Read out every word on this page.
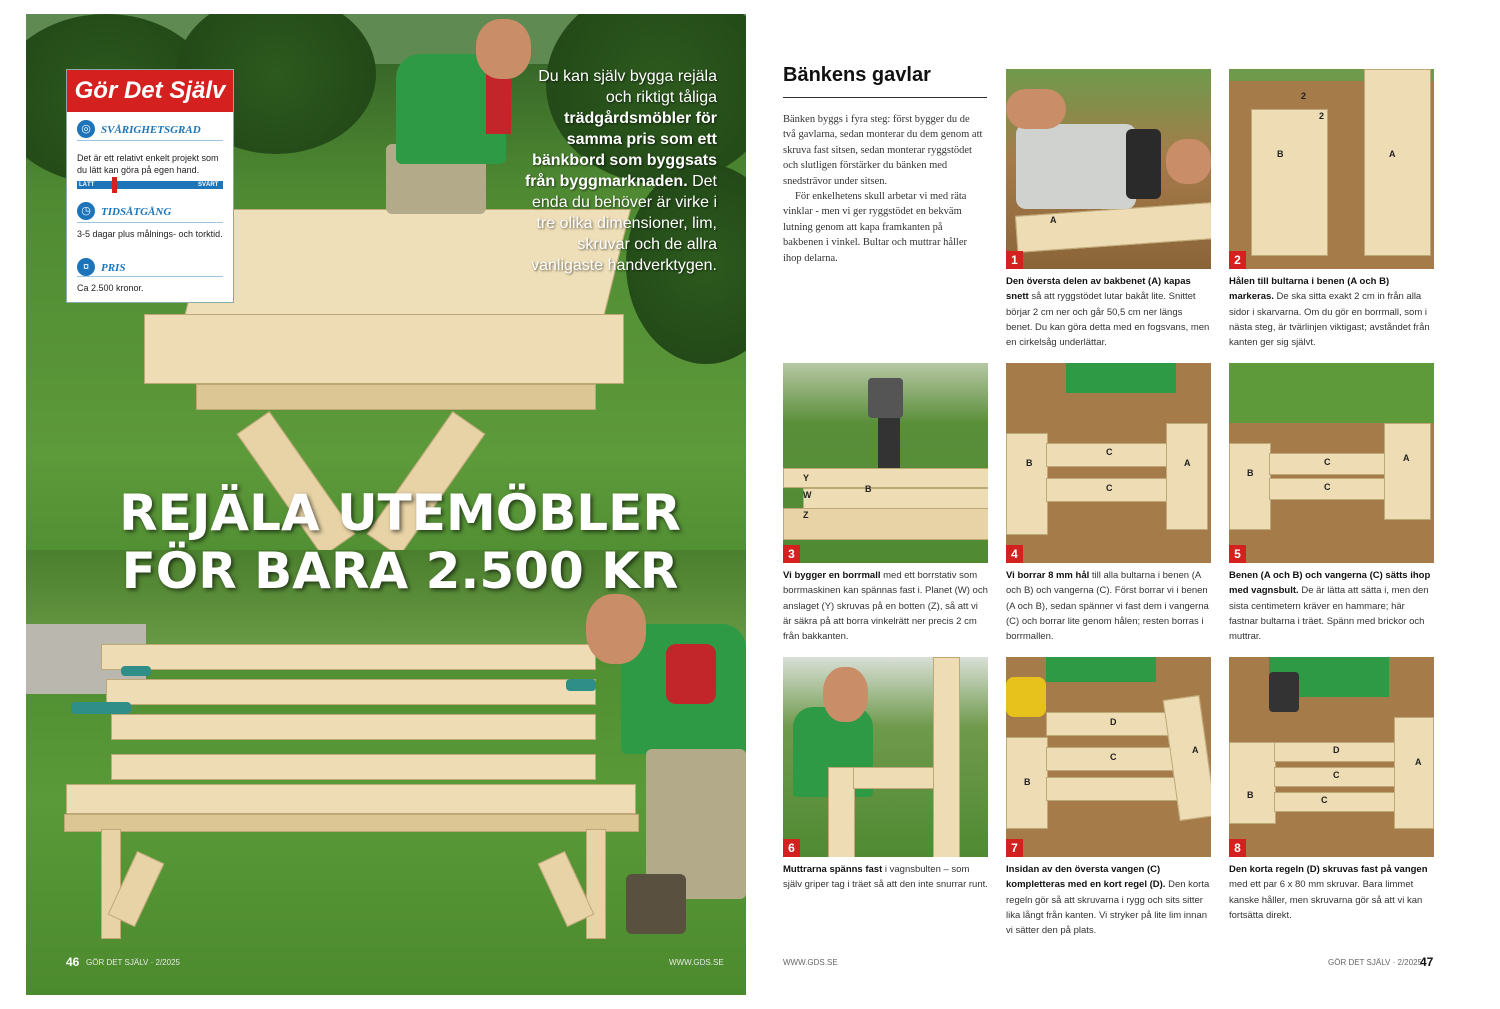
Gör Det Själv
◎ SVÅRIGHETSGRAD
Det är ett relativt enkelt projekt som du lätt kan göra på egen hand.
LÄTT	SVÅRT
◷ TIDSÅTGÅNG
3-5 dagar plus målnings- och torktid.
¤	PRIS
Ca 2.500 kronor.
Du kan själv bygga rejäla och riktigt tåliga trädgårdsmöbler för samma pris som ett bänkbord som byggsats från byggmarknaden. Det enda du behöver är virke i tre olika dimensioner, lim, skruvar och de allra vanligaste handverktygen.
REJÄLA UTEMÖBLER
FÖR BARA 2.500 KR
46 GÖR DET SJÄLV · 2/2025	WWW.GDS.SE
Bänkens gavlar

Bänken byggs i fyra steg: först bygger du de två gavlarna, sedan monterar du dem genom att skruva fast sitsen, sedan monterar ryggstödet och slutligen förstärker du bänken med snedsträvor under sitsen.

För enkelhetens skull arbetar vi med räta vinklar - men vi ger ryggstödet en bekväm lutning genom att kapa framkanten på bakbenen i vinkel. Bultar och muttrar håller ihop delarna.

A
1
Den översta delen av bakbenet (A) kapas snett så att ryggstödet lutar bakåt lite. Snittet börjar 2 cm ner och går 50,5 cm ner längs benet. Du kan göra detta med en fogsvans, men en cirkelsåg underlättar.
2
2
B	A
2
Hålen till bultarna i benen (A och B) markeras. De ska sitta exakt 2 cm in från alla sidor i skarvarna. Om du gör en borrmall, som i nästa steg, är tvärlinjen viktigast; avståndet från kanten ger sig självt.
Y
W
Z
B
3
Vi bygger en borrmall med ett borrstativ som borrmaskinen kan spännas fast i. Planet (W) och anslaget (Y) skruvas på en botten (Z), så att vi är säkra på att borra vinkelrätt ner precis 2 cm från bakkanten.
B
C
C
A
4
Vi borrar 8 mm hål till alla bultarna i benen (A och B) och vangerna (C). Först borrar vi i benen (A och B), sedan spänner vi fast dem i vangerna (C) och borrar lite genom hålen; resten borras i borrmallen.
B
C
C
A
5
Benen (A och B) och vangerna (C) sätts ihop med vagnsbult. De är lätta att sätta i, men den sista centimetern kräver en hammare; här fastnar bultarna i träet. Spänn med brickor och muttrar.
6
Muttrarna spänns fast i vagnsbulten – som själv griper tag i träet så att den inte snurrar runt.
D
C
B
A
7
Insidan av den översta vangen (C) kompletteras med en kort regel (D). Den korta regeln gör så att skruvarna i rygg och sits sitter lika långt från kanten. Vi stryker på lite lim innan vi sätter den på plats.
D
C
B	C
A
8
Den korta regeln (D) skruvas fast på vangen med ett par 6 x 80 mm skruvar. Bara limmet kanske håller, men skruvarna gör så att vi kan fortsätta direkt.
WWW.GDS.SE	GÖR DET SJÄLV · 2/2025
47
